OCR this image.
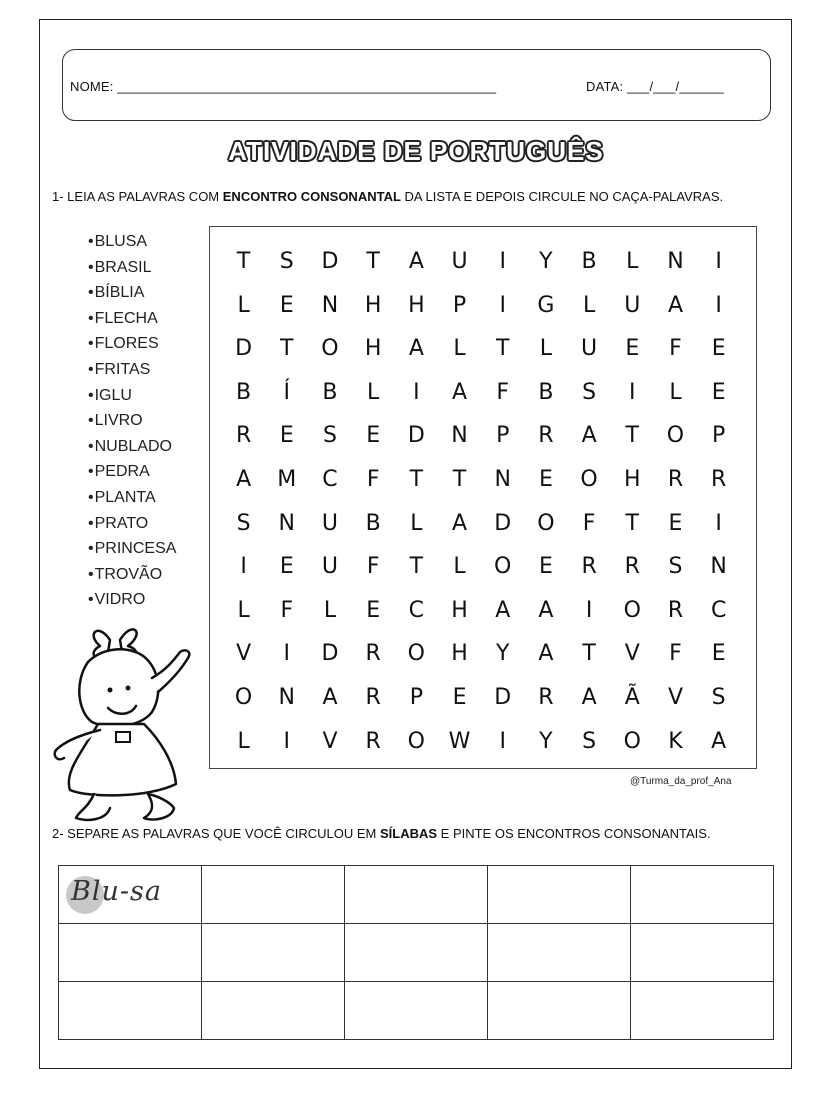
NOME: ___________________________________________________	DATA: ___/___/______
ATIVIDADE DE PORTUGUÊS
1- LEIA AS PALAVRAS COM ENCONTRO CONSONANTAL DA LISTA E DEPOIS CIRCULE NO CAÇA-PALAVRAS.
• BLUSA
• BRASIL
• BÍBLIA
• FLECHA
• FLORES
• FRITAS
• IGLU
• LIVRO
• NUBLADO
• PEDRA
• PLANTA
• PRATO
• PRINCESA
• TROVÃO
• VIDRO
T	S	D	T	A	U	I	Y	B	L	N	I
L	E	N	H	H	P	I	G	L	U	A	I
D	T	O	H	A	L	T	L	U	E	F	E
B	Í	B	L	I	A	F	B	S	I	L	E
R	E	S	E	D	N	P	R	A	T	O	P
A	M	C	F	T	T	N	E	O	H	R	R
S	N	U	B	L	A	D	O	F	T	E	I
I	E	U	F	T	L	O	E	R	R	S	N
L	F	L	E	C	H	A	A	I	O	R	C
V	I	D	R	O	H	Y	A	T	V	F	E
O	N	A	R	P	E	D	R	A	Ã	V	S
L	I	V	R	O	W	I	Y	S	O	K	A
@Turma_da_prof_Ana
2- SEPARE AS PALAVRAS QUE VOCÊ CIRCULOU EM SÍLABAS E PINTE OS ENCONTROS CONSONANTAIS.
Blu-sa				
